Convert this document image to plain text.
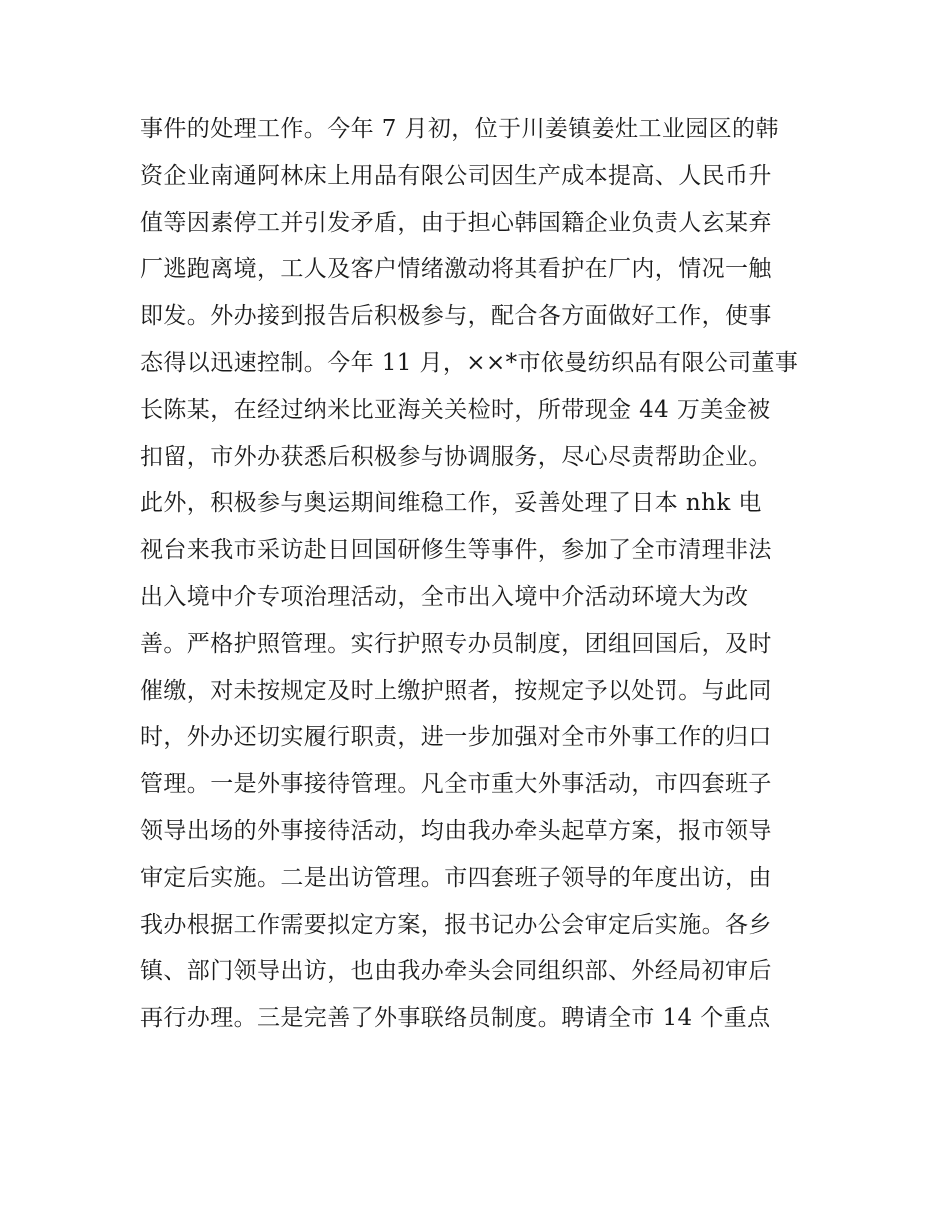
事件的处理工作。今年 7 月初，位于川姜镇姜灶工业园区的韩
资企业南通阿林床上用品有限公司因生产成本提高、人民币升
值等因素停工并引发矛盾，由于担心韩国籍企业负责人玄某弃
厂逃跑离境，工人及客户情绪激动将其看护在厂内，情况一触
即发。外办接到报告后积极参与，配合各方面做好工作，使事
态得以迅速控制。今年 11 月，××*市依曼纺织品有限公司董事
长陈某，在经过纳米比亚海关关检时，所带现金 44 万美金被
扣留，市外办获悉后积极参与协调服务，尽心尽责帮助企业。
此外，积极参与奥运期间维稳工作，妥善处理了日本 nhk 电
视台来我市采访赴日回国研修生等事件，参加了全市清理非法
出入境中介专项治理活动，全市出入境中介活动环境大为改
善。严格护照管理。实行护照专办员制度，团组回国后，及时
催缴，对未按规定及时上缴护照者，按规定予以处罚。与此同
时，外办还切实履行职责，进一步加强对全市外事工作的归口
管理。一是外事接待管理。凡全市重大外事活动，市四套班子
领导出场的外事接待活动，均由我办牵头起草方案，报市领导
审定后实施。二是出访管理。市四套班子领导的年度出访，由
我办根据工作需要拟定方案，报书记办公会审定后实施。各乡
镇、部门领导出访，也由我办牵头会同组织部、外经局初审后
再行办理。三是完善了外事联络员制度。聘请全市 14 个重点
